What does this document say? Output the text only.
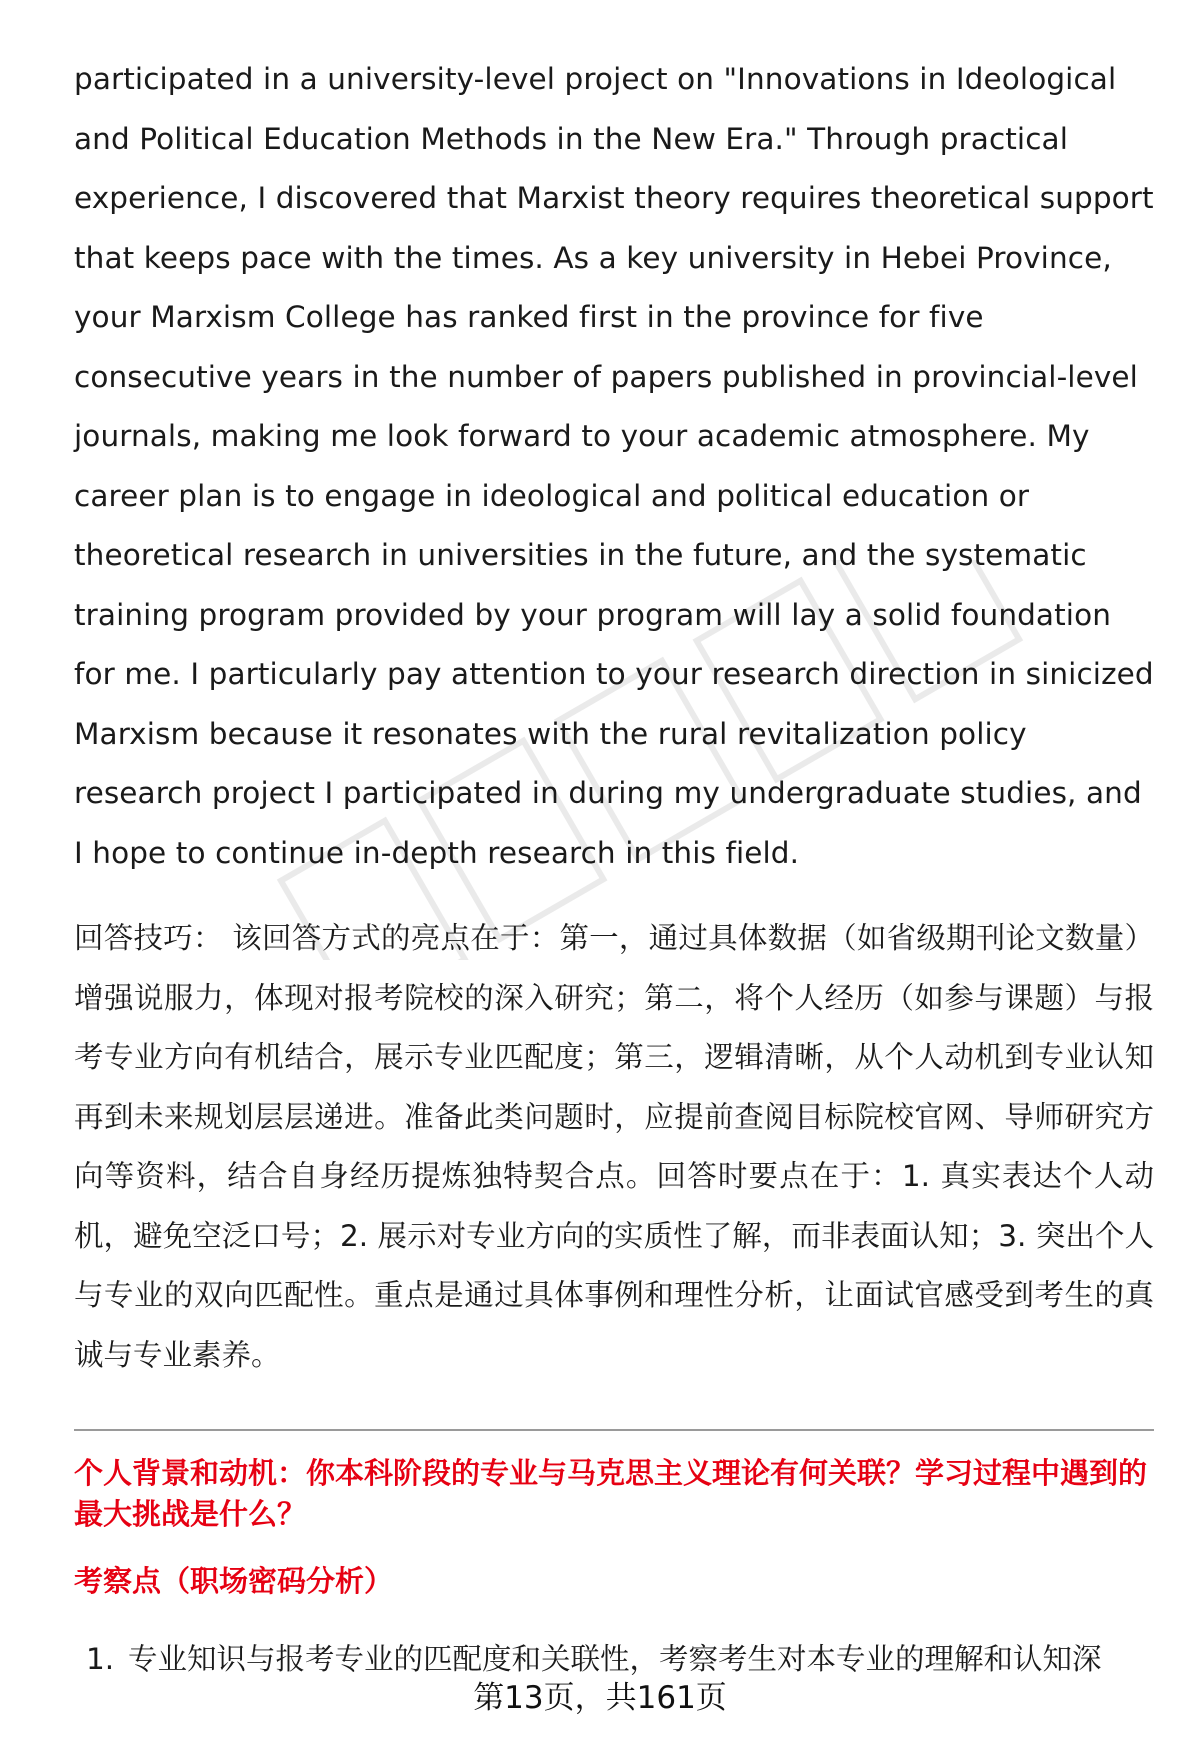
participated in a university-level project on "Innovations in Ideological and Political Education Methods in the New Era." Through practical experience, I discovered that Marxist theory requires theoretical support that keeps pace with the times. As a key university in Hebei Province, your Marxism College has ranked first in the province for five consecutive years in the number of papers published in provincial-level journals, making me look forward to your academic atmosphere. My career plan is to engage in ideological and political education or theoretical research in universities in the future, and the systematic training program provided by your program will lay a solid foundation for me. I particularly pay attention to your research direction in sinicized Marxism because it resonates with the rural revitalization policy research project I participated in during my undergraduate studies, and I hope to continue in-depth research in this field.

回答技巧： 该回答方式的亮点在于：第一，通过具体数据（如省级期刊论文数量）增强说服力，体现对报考院校的深入研究；第二，将个人经历（如参与课题）与报考专业方向有机结合，展示专业匹配度；第三，逻辑清晰，从个人动机到专业认知再到未来规划层层递进。准备此类问题时，应提前查阅目标院校官网、导师研究方向等资料，结合自身经历提炼独特契合点。回答时要点在于：1. 真实表达个人动机，避免空泛口号；2. 展示对专业方向的实质性了解，而非表面认知；3. 突出个人与专业的双向匹配性。重点是通过具体事例和理性分析，让面试官感受到考生的真诚与专业素养。

个人背景和动机：你本科阶段的专业与马克思主义理论有何关联？学习过程中遇到的最大挑战是什么？
考察点（职场密码分析）
1. 专业知识与报考专业的匹配度和关联性，考察考生对本专业的理解和认知深
第13页，共161页
